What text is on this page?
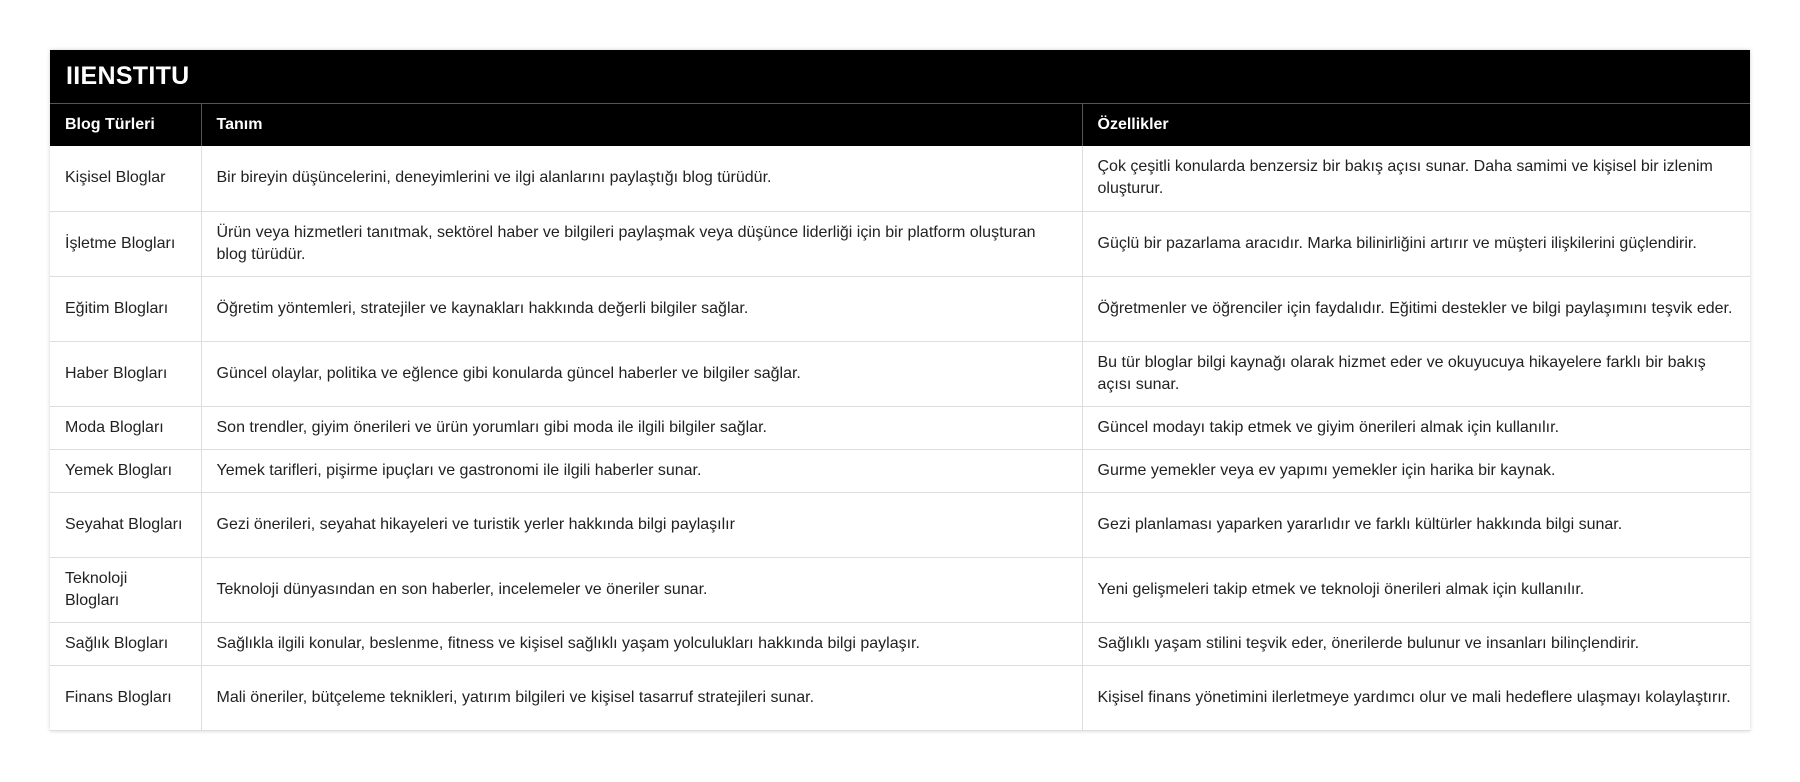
IIENSTITU
Blog Türleri	Tanım	Özellikler
Kişisel Bloglar	Bir bireyin düşüncelerini, deneyimlerini ve ilgi alanlarını paylaştığı blog türüdür.	Çok çeşitli konularda benzersiz bir bakış açısı sunar. Daha samimi ve kişisel bir izlenim oluşturur.
İşletme Blogları	Ürün veya hizmetleri tanıtmak, sektörel haber ve bilgileri paylaşmak veya düşünce liderliği için bir platform oluşturan blog türüdür.	Güçlü bir pazarlama aracıdır. Marka bilinirliğini artırır ve müşteri ilişkilerini güçlendirir.
Eğitim Blogları	Öğretim yöntemleri, stratejiler ve kaynakları hakkında değerli bilgiler sağlar.	Öğretmenler ve öğrenciler için faydalıdır. Eğitimi destekler ve bilgi paylaşımını teşvik eder.
Haber Blogları	Güncel olaylar, politika ve eğlence gibi konularda güncel haberler ve bilgiler sağlar.	Bu tür bloglar bilgi kaynağı olarak hizmet eder ve okuyucuya hikayelere farklı bir bakış açısı sunar.
Moda Blogları	Son trendler, giyim önerileri ve ürün yorumları gibi moda ile ilgili bilgiler sağlar.	Güncel modayı takip etmek ve giyim önerileri almak için kullanılır.
Yemek Blogları	Yemek tarifleri, pişirme ipuçları ve gastronomi ile ilgili haberler sunar.	Gurme yemekler veya ev yapımı yemekler için harika bir kaynak.
Seyahat Blogları	Gezi önerileri, seyahat hikayeleri ve turistik yerler hakkında bilgi paylaşılır	Gezi planlaması yaparken yararlıdır ve farklı kültürler hakkında bilgi sunar.
Teknoloji Blogları	Teknoloji dünyasından en son haberler, incelemeler ve öneriler sunar.	Yeni gelişmeleri takip etmek ve teknoloji önerileri almak için kullanılır.
Sağlık Blogları	Sağlıkla ilgili konular, beslenme, fitness ve kişisel sağlıklı yaşam yolculukları hakkında bilgi paylaşır.	Sağlıklı yaşam stilini teşvik eder, önerilerde bulunur ve insanları bilinçlendirir.
Finans Blogları	Mali öneriler, bütçeleme teknikleri, yatırım bilgileri ve kişisel tasarruf stratejileri sunar.	Kişisel finans yönetimini ilerletmeye yardımcı olur ve mali hedeflere ulaşmayı kolaylaştırır.
